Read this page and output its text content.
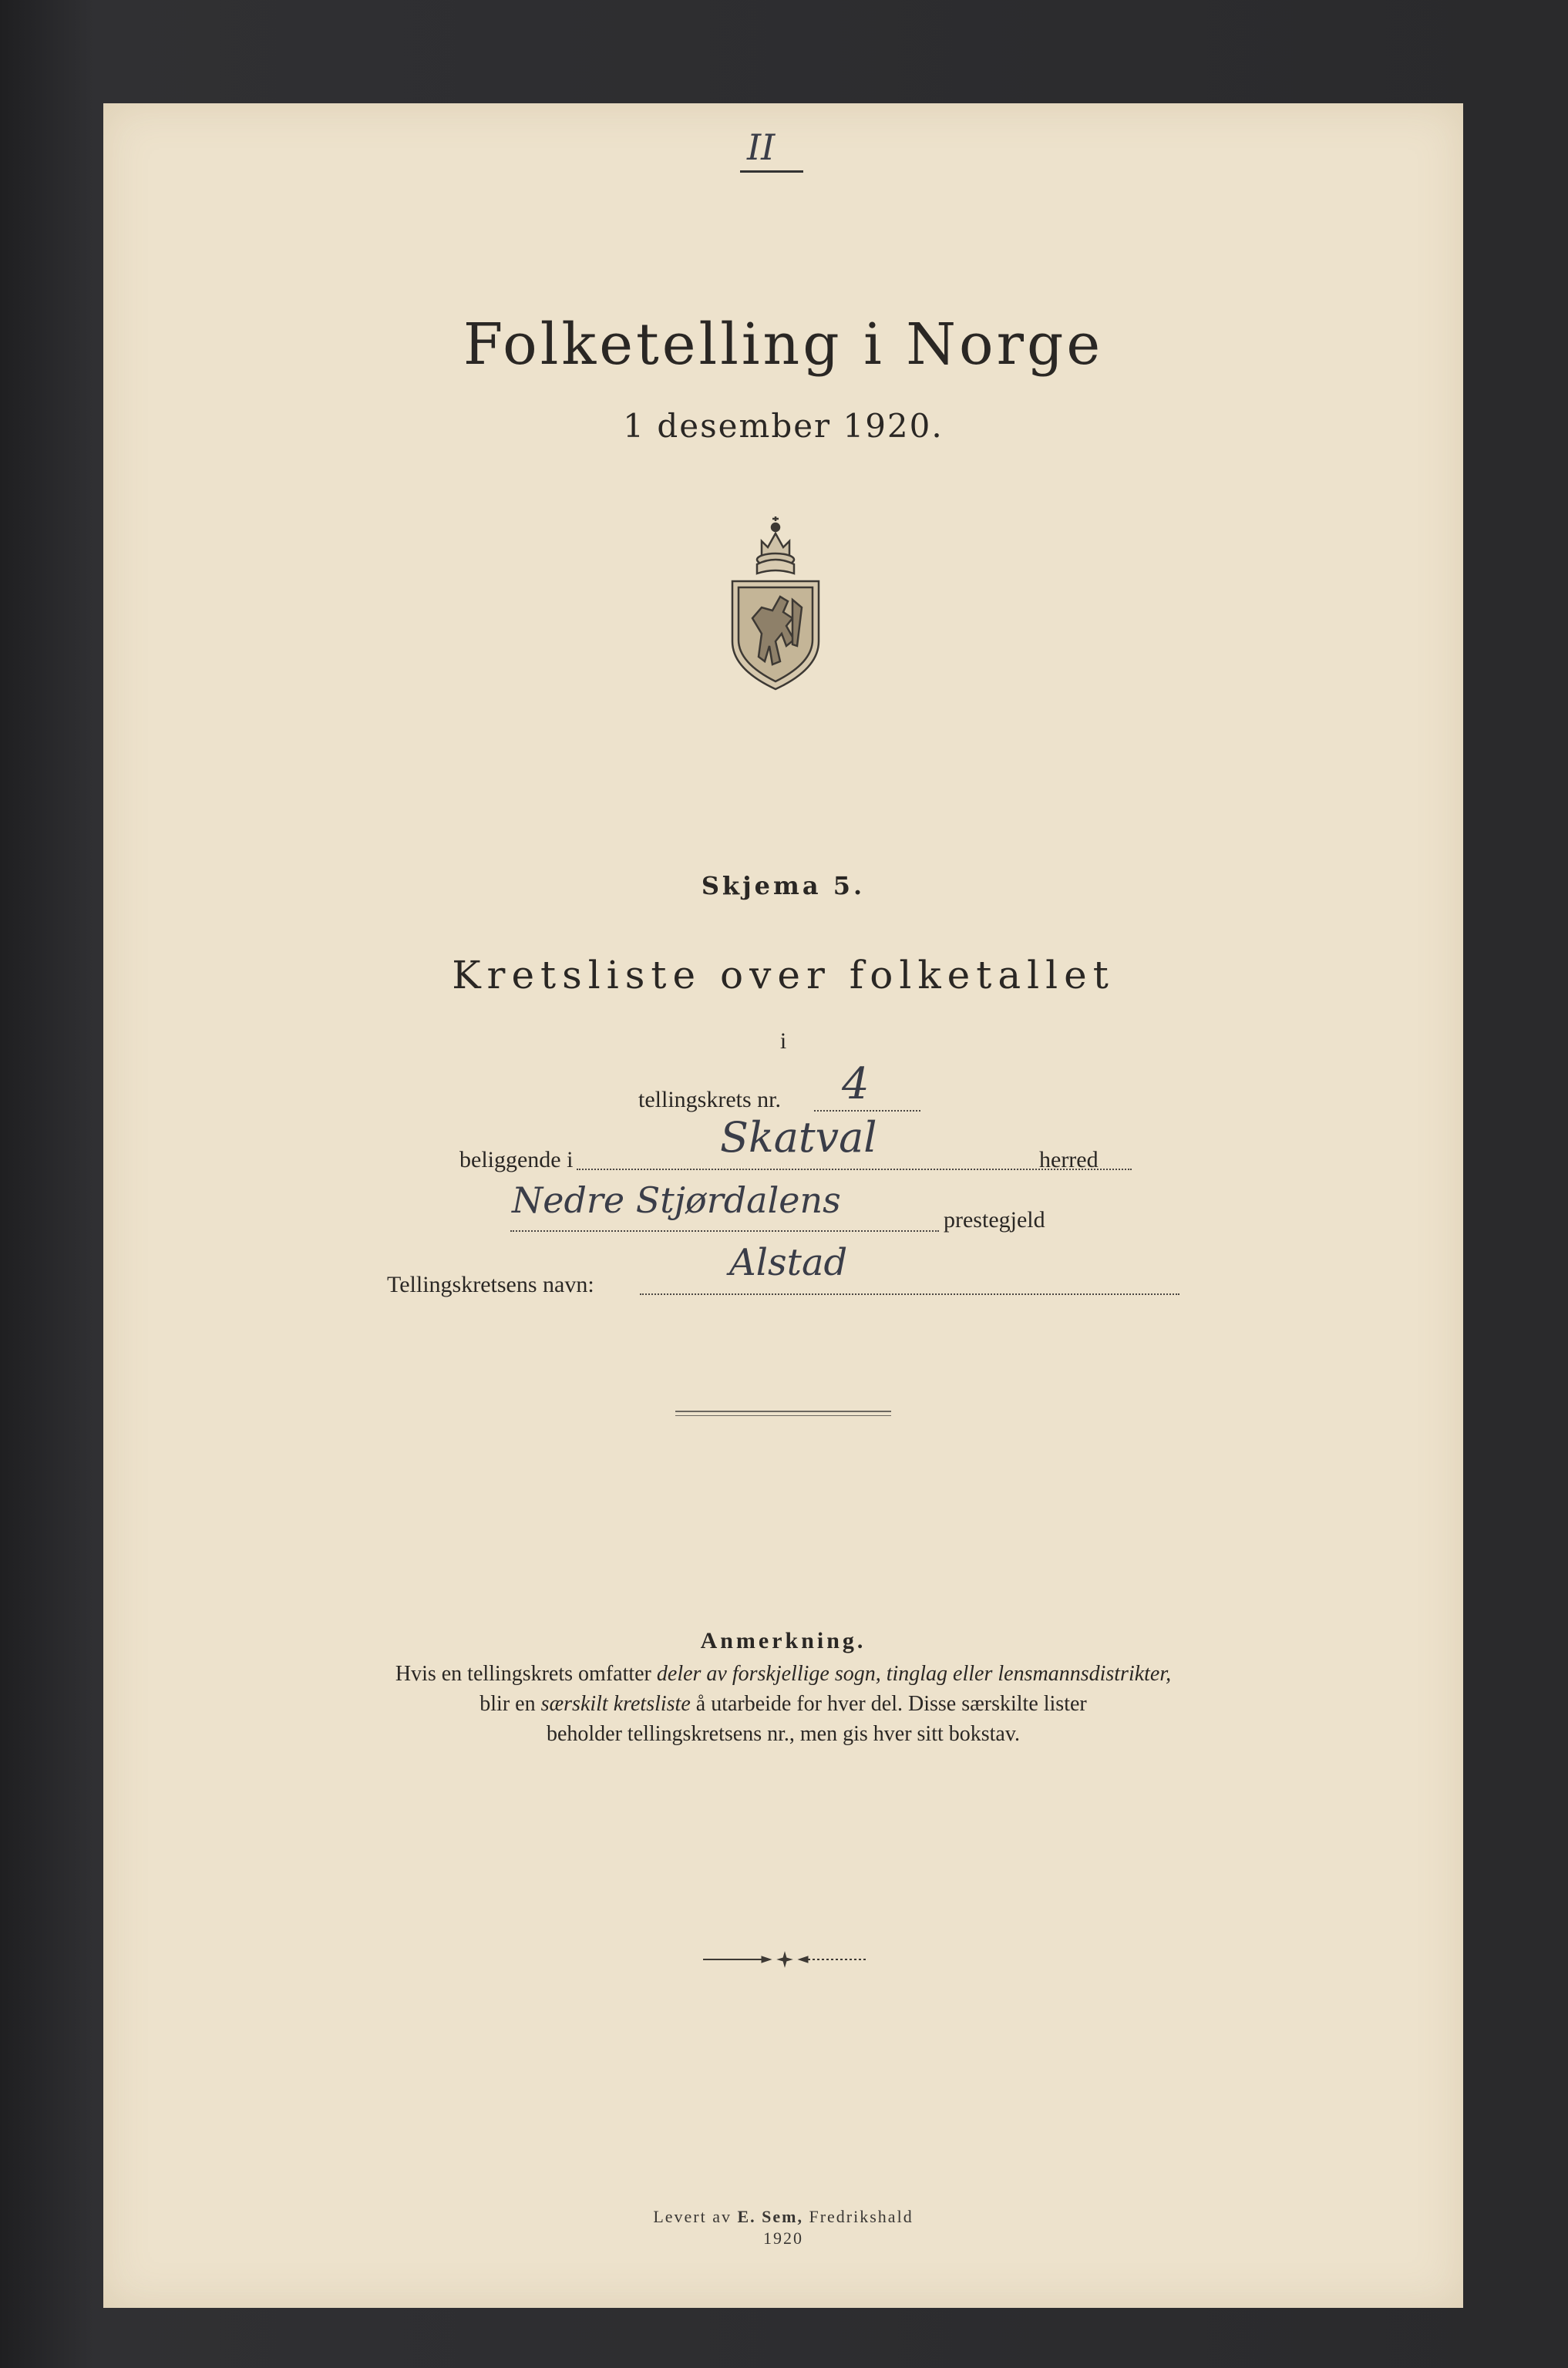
II
Folketelling i Norge
1 desember 1920.
Skjema 5.
Kretsliste over folketallet
i
tellingskrets nr. 4
beliggende i	Skatval	herred
Nedre Stjørdalens	prestegjeld
Tellingskretsens navn:
Alstad
Anmerkning.
Hvis en tellingskrets omfatter deler av forskjellige sogn, tinglag eller lensmannsdistrikter,
blir en særskilt kretsliste å utarbeide for hver del. Disse særskilte lister
beholder tellingskretsens nr., men gis hver sitt bokstav.
Levert av E. Sem, Fredrikshald
1920
